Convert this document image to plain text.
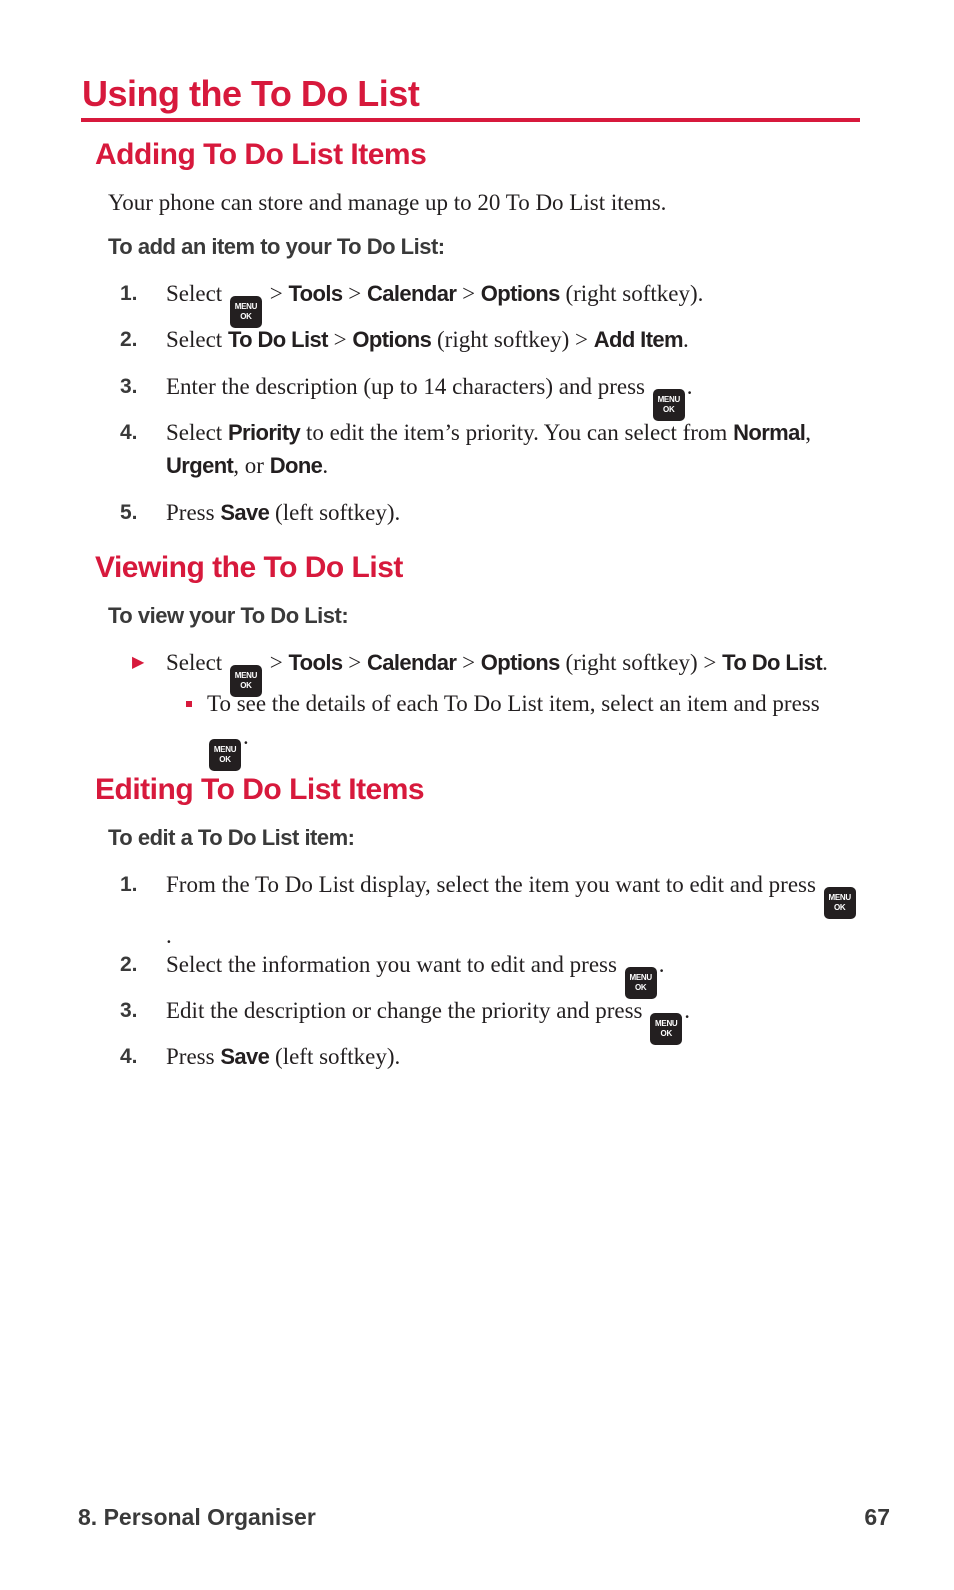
Using the To Do List
Adding To Do List Items

Your phone can store and manage up to 20 To Do List items.

To add an item to your To Do List:

1.	Select
MENU
OK
> Tools > Calendar > Options (right softkey).
2.	Select To Do List > Options (right softkey) > Add Item.
3.	Enter the description (up to 14 characters) and press
MENU
OK
.
4.	Select Priority to edit the item’s priority. You can select from Normal, Urgent, or Done.
5.	Press Save (left softkey).
Viewing the To Do List

To view your To Do List:

▶ Select
MENU
OK
> Tools > Calendar > Options (right softkey) > To Do List.
To see the details of each To Do List item, select an item and press
MENU
OK
.
Editing To Do List Items

To edit a To Do List item:

1.	From the To Do List display, select the item you want to edit and press
MENU
OK
.
2.	Select the information you want to edit and press
MENU
OK
.
3.	Edit the description or change the priority and press
MENU
OK
.
4.	Press Save (left softkey).

8. Personal Organiser	67
